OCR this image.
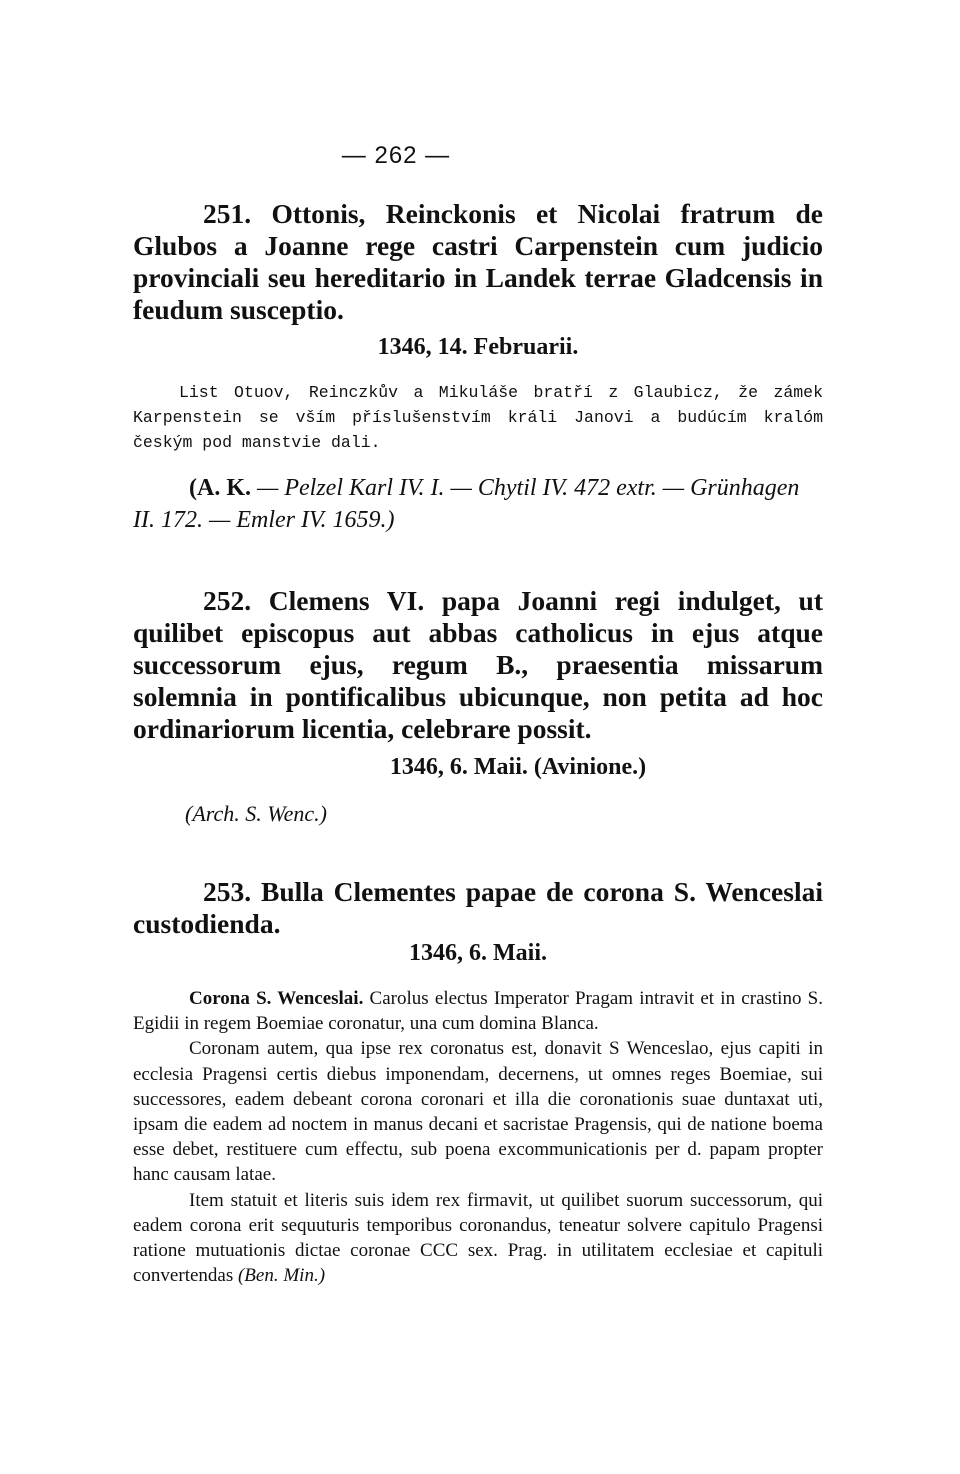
— 262 —

251. Ottonis, Reinckonis et Nicolai fratrum de Glubos a Joanne rege castri Carpenstein cum judicio provinciali seu hereditario in Landek terrae Gladcensis in feudum susceptio.

1346, 14. Februarii.

List Otuov, Reinczkův a Mikuláše bratří z Glaubicz, že zámek Karpenstein se vším příslušenstvím králi Janovi a budúcím kralóm českým pod manstvie dali.

(A. K. — Pelzel Karl IV. I. — Chytil IV. 472 extr. — Grünhagen II. 172. — Emler IV. 1659.)

252. Clemens VI. papa Joanni regi indulget, ut quilibet episcopus aut abbas catholicus in ejus atque successorum ejus, regum B., praesentia missarum solemnia in pontificalibus ubicunque, non petita ad hoc ordinariorum licentia, celebrare possit.

1346, 6. Maii. (Avinione.)

(Arch. S. Wenc.)

253. Bulla Clementes papae de corona S. Wenceslai custodienda.

1346, 6. Maii.

Corona S. Wenceslai. Carolus electus Imperator Pragam intravit et in crastino S. Egidii in regem Boemiae coronatur, una cum domina Blanca.

Coronam autem, qua ipse rex coronatus est, donavit S Wenceslao, ejus capiti in ecclesia Pragensi certis diebus imponendam, decernens, ut omnes reges Boemiae, sui successores, eadem debeant corona coronari et illa die coronationis suae duntaxat uti, ipsam die eadem ad noctem in manus decani et sacristae Pragensis, qui de natione boema esse debet, restituere cum effectu, sub poena excommunicationis per d. papam propter hanc causam latae.

Item statuit et literis suis idem rex firmavit, ut quilibet suorum successorum, qui eadem corona erit sequuturis temporibus coronandus, teneatur solvere capitulo Pragensi ratione mutuationis dictae coronae CCC sex. Prag. in utilitatem ecclesiae et capituli convertendas (Ben. Min.)
